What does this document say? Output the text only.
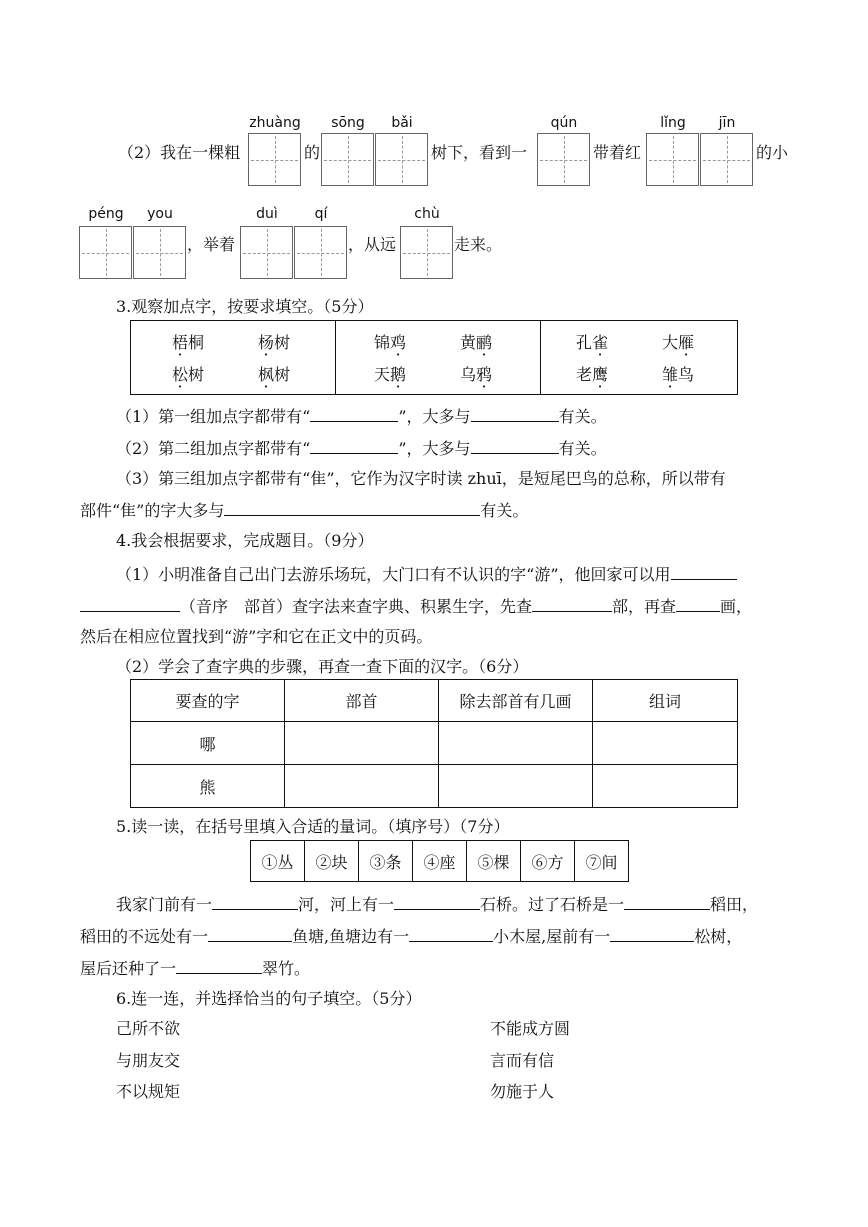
zhuàng	sōng	bǎi	qún	lǐng	jīn
（2）我在一棵粗	的	树下，看到一	带着红	的小
péng	you	duì	qí	chù
，举着	，从远	走来。
3.观察加点字，按要求填空。（5分）

梧桐	杨树
松树	枫树
锦鸡	黄鹂
天鹅	乌鸦
孔雀	大雁
老鹰	雏鸟
（1）第一组加点字都带有“	”，大多与	有关。
（2）第二组加点字都带有“	”，大多与	有关。
（3）第三组加点字都带有“隹”，它作为汉字时读 zhuī，是短尾巴鸟的总称，所以带有
部件“隹”的字大多与	有关。
4.我会根据要求，完成题目。（9分）
（1）小明准备自己出门去游乐场玩，大门口有不认识的字“游”，他回家可以用
（音序　部首）查字法来查字典、积累生字，先查	部，再查	画，
然后在相应位置找到“游”字和它在正文中的页码。
（2）学会了查字典的步骤，再查一查下面的汉字。（6分）
要查的字	部首	除去部首有几画	组词
哪			
熊			
5.读一读，在括号里填入合适的量词。（填序号）（7分）
①丛	②块	③条	④座	⑤棵	⑥方	⑦间
我家门前有一	河，河上有一	石桥。过了石桥是一	稻田，
稻田的不远处有一	鱼塘,鱼塘边有一	小木屋,屋前有一	松树，
屋后还种了一	翠竹。
6.连一连，并选择恰当的句子填空。（5分）
己所不欲
与朋友交
不以规矩
不能成方圆
言而有信
勿施于人
